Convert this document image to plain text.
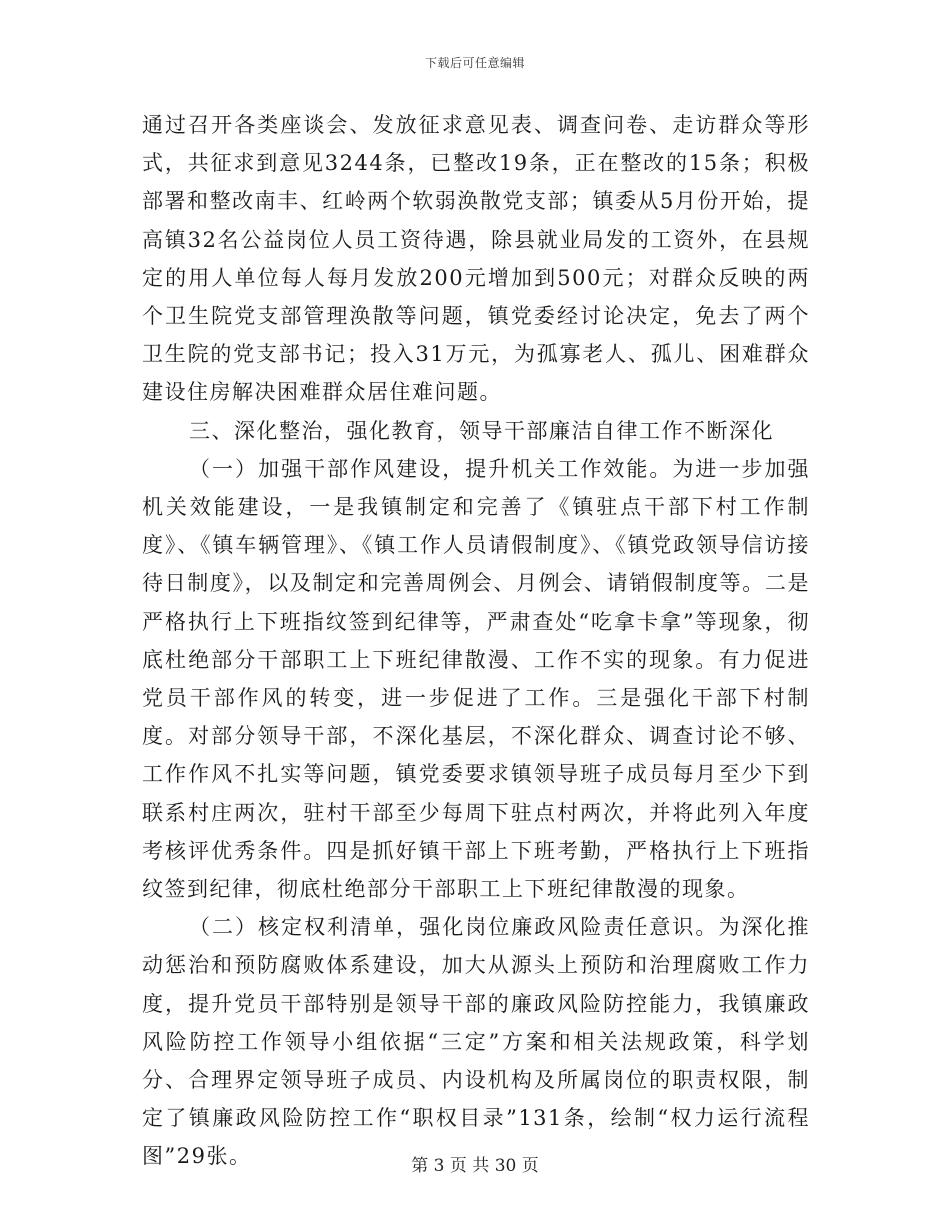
下载后可任意编辑

通过召开各类座谈会、发放征求意见表、调查问卷、走访群众等形式，共征求到意见3244条，已整改19条，正在整改的15条；积极部署和整改南丰、红岭两个软弱涣散党支部；镇委从5月份开始，提高镇32名公益岗位人员工资待遇，除县就业局发的工资外，在县规定的用人单位每人每月发放200元增加到500元；对群众反映的两个卫生院党支部管理涣散等问题，镇党委经讨论决定，免去了两个卫生院的党支部书记；投入31万元，为孤寡老人、孤儿、困难群众建设住房解决困难群众居住难问题。

三、深化整治，强化教育，领导干部廉洁自律工作不断深化

（一）加强干部作风建设，提升机关工作效能。为进一步加强机关效能建设，一是我镇制定和完善了《镇驻点干部下村工作制度》、《镇车辆管理》、《镇工作人员请假制度》、《镇党政领导信访接待日制度》，以及制定和完善周例会、月例会、请销假制度等。二是严格执行上下班指纹签到纪律等，严肃查处“吃拿卡拿”等现象，彻底杜绝部分干部职工上下班纪律散漫、工作不实的现象。有力促进党员干部作风的转变，进一步促进了工作。三是强化干部下村制度。对部分领导干部，不深化基层，不深化群众、调查讨论不够、工作作风不扎实等问题，镇党委要求镇领导班子成员每月至少下到联系村庄两次，驻村干部至少每周下驻点村两次，并将此列入年度考核评优秀条件。四是抓好镇干部上下班考勤，严格执行上下班指纹签到纪律，彻底杜绝部分干部职工上下班纪律散漫的现象。

（二）核定权利清单，强化岗位廉政风险责任意识。为深化推动惩治和预防腐败体系建设，加大从源头上预防和治理腐败工作力度，提升党员干部特别是领导干部的廉政风险防控能力，我镇廉政风险防控工作领导小组依据“三定”方案和相关法规政策，科学划分、合理界定领导班子成员、内设机构及所属岗位的职责权限，制定了镇廉政风险防控工作“职权目录”131条，绘制“权力运行流程图”29张。	第 3 页 共 30 页
